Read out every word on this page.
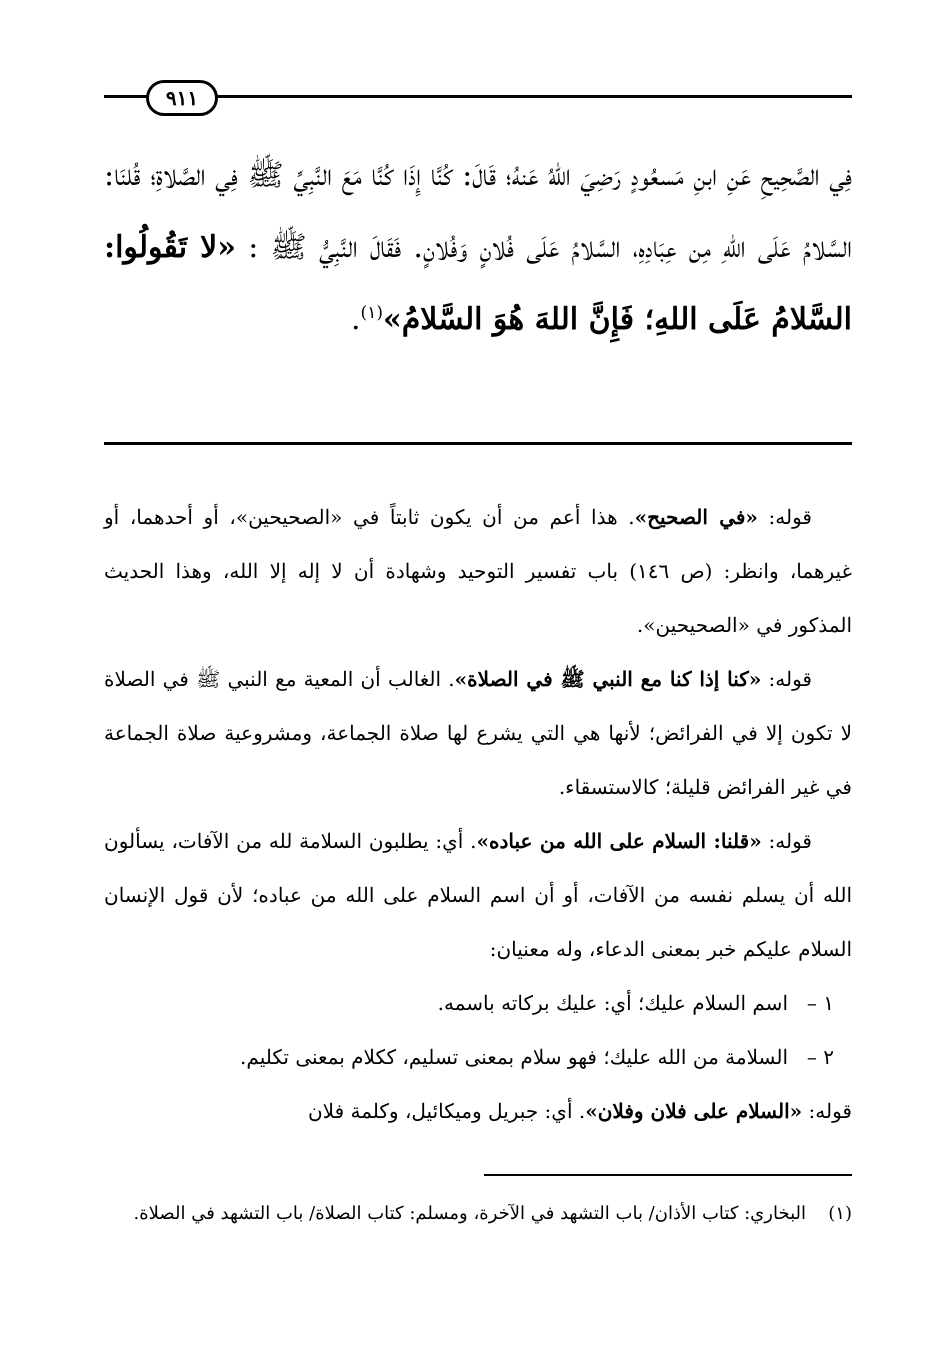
٩١١
فِي الصَّحِيحِ عَنِ ابنِ مَسعُودٍ رَضِيَ اللهُ عَنهُ؛ قَالَ: كُنَّا إِذَا كُنَّا مَعَ النَّبِيِّ ﷺ فِي الصَّلاةِ؛ قُلنَا: السَّلامُ عَلَى اللهِ مِن عِبَادِهِ، السَّلامُ عَلَى فُلانٍ وَفُلانٍ. فَقَالَ النَّبِيُّ ﷺ : «لا تَقُولُوا: السَّلامُ عَلَى اللهِ؛ فَإِنَّ اللهَ هُوَ السَّلامُ»$^{(١)}$.

قوله: «في الصحيح». هذا أعم من أن يكون ثابتاً في «الصحيحين»، أو أحدهما، أو غيرهما، وانظر: (ص ١٤٦) باب تفسير التوحيد وشهادة أن لا إله إلا الله، وهذا الحديث المذكور في «الصحيحين».

قوله: «كنا إذا كنا مع النبي ﷺ في الصلاة». الغالب أن المعية مع النبي ﷺ في الصلاة لا تكون إلا في الفرائض؛ لأنها هي التي يشرع لها صلاة الجماعة، ومشروعية صلاة الجماعة في غير الفرائض قليلة؛ كالاستسقاء.

قوله: «قلنا: السلام على الله من عباده». أي: يطلبون السلامة لله من الآفات، يسألون الله أن يسلم نفسه من الآفات، أو أن اسم السلام على الله من عباده؛ لأن قول الإنسان السلام عليكم خبر بمعنى الدعاء، وله معنيان:

١ –اسم السلام عليك؛ أي: عليك بركاته باسمه.

٢ –السلامة من الله عليك؛ فهو سلام بمعنى تسليم، ككلام بمعنى تكليم.

قوله: «السلام على فلان وفلان». أي: جبريل وميكائيل، وكلمة فلان

(١)
البخاري: كتاب الأذان/ باب التشهد في الآخرة، ومسلم: كتاب الصلاة/ باب التشهد في الصلاة.
